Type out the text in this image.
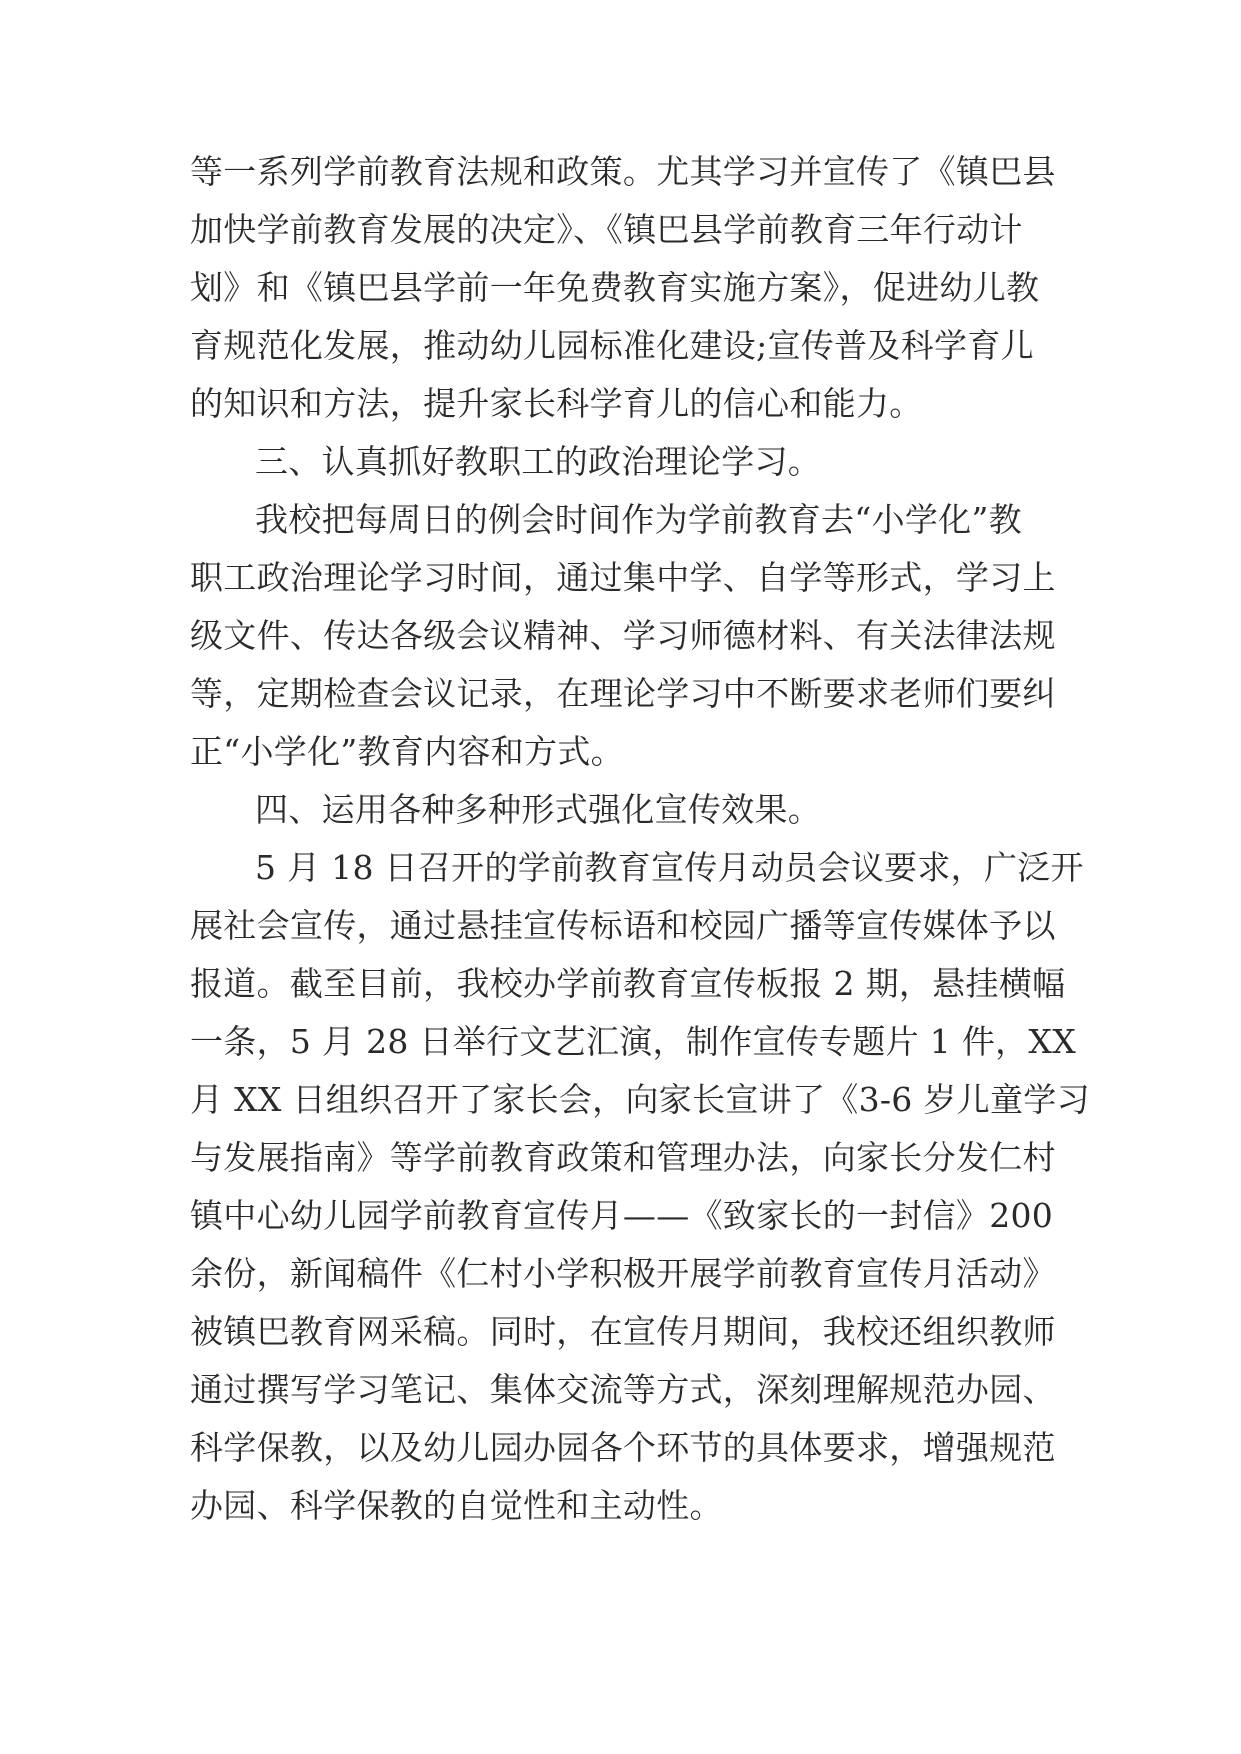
等一系列学前教育法规和政策。尤其学习并宣传了《镇巴县
加快学前教育发展的决定》、《镇巴县学前教育三年行动计
划》和《镇巴县学前一年免费教育实施方案》，促进幼儿教
育规范化发展，推动幼儿园标准化建设;宣传普及科学育儿
的知识和方法，提升家长科学育儿的信心和能力。
三、认真抓好教职工的政治理论学习。
我校把每周日的例会时间作为学前教育去“小学化”教
职工政治理论学习时间，通过集中学、自学等形式，学习上
级文件、传达各级会议精神、学习师德材料、有关法律法规
等，定期检查会议记录，在理论学习中不断要求老师们要纠
正“小学化”教育内容和方式。
四、运用各种多种形式强化宣传效果。
5 月 18 日召开的学前教育宣传月动员会议要求，广泛开
展社会宣传，通过悬挂宣传标语和校园广播等宣传媒体予以
报道。截至目前，我校办学前教育宣传板报 2 期，悬挂横幅
一条，5 月 28 日举行文艺汇演，制作宣传专题片 1 件，XX
月 XX 日组织召开了家长会，向家长宣讲了《3-6 岁儿童学习
与发展指南》等学前教育政策和管理办法，向家长分发仁村
镇中心幼儿园学前教育宣传月——《致家长的一封信》200
余份，新闻稿件《仁村小学积极开展学前教育宣传月活动》
被镇巴教育网采稿。同时，在宣传月期间，我校还组织教师
通过撰写学习笔记、集体交流等方式，深刻理解规范办园、
科学保教，以及幼儿园办园各个环节的具体要求，增强规范
办园、科学保教的自觉性和主动性。
